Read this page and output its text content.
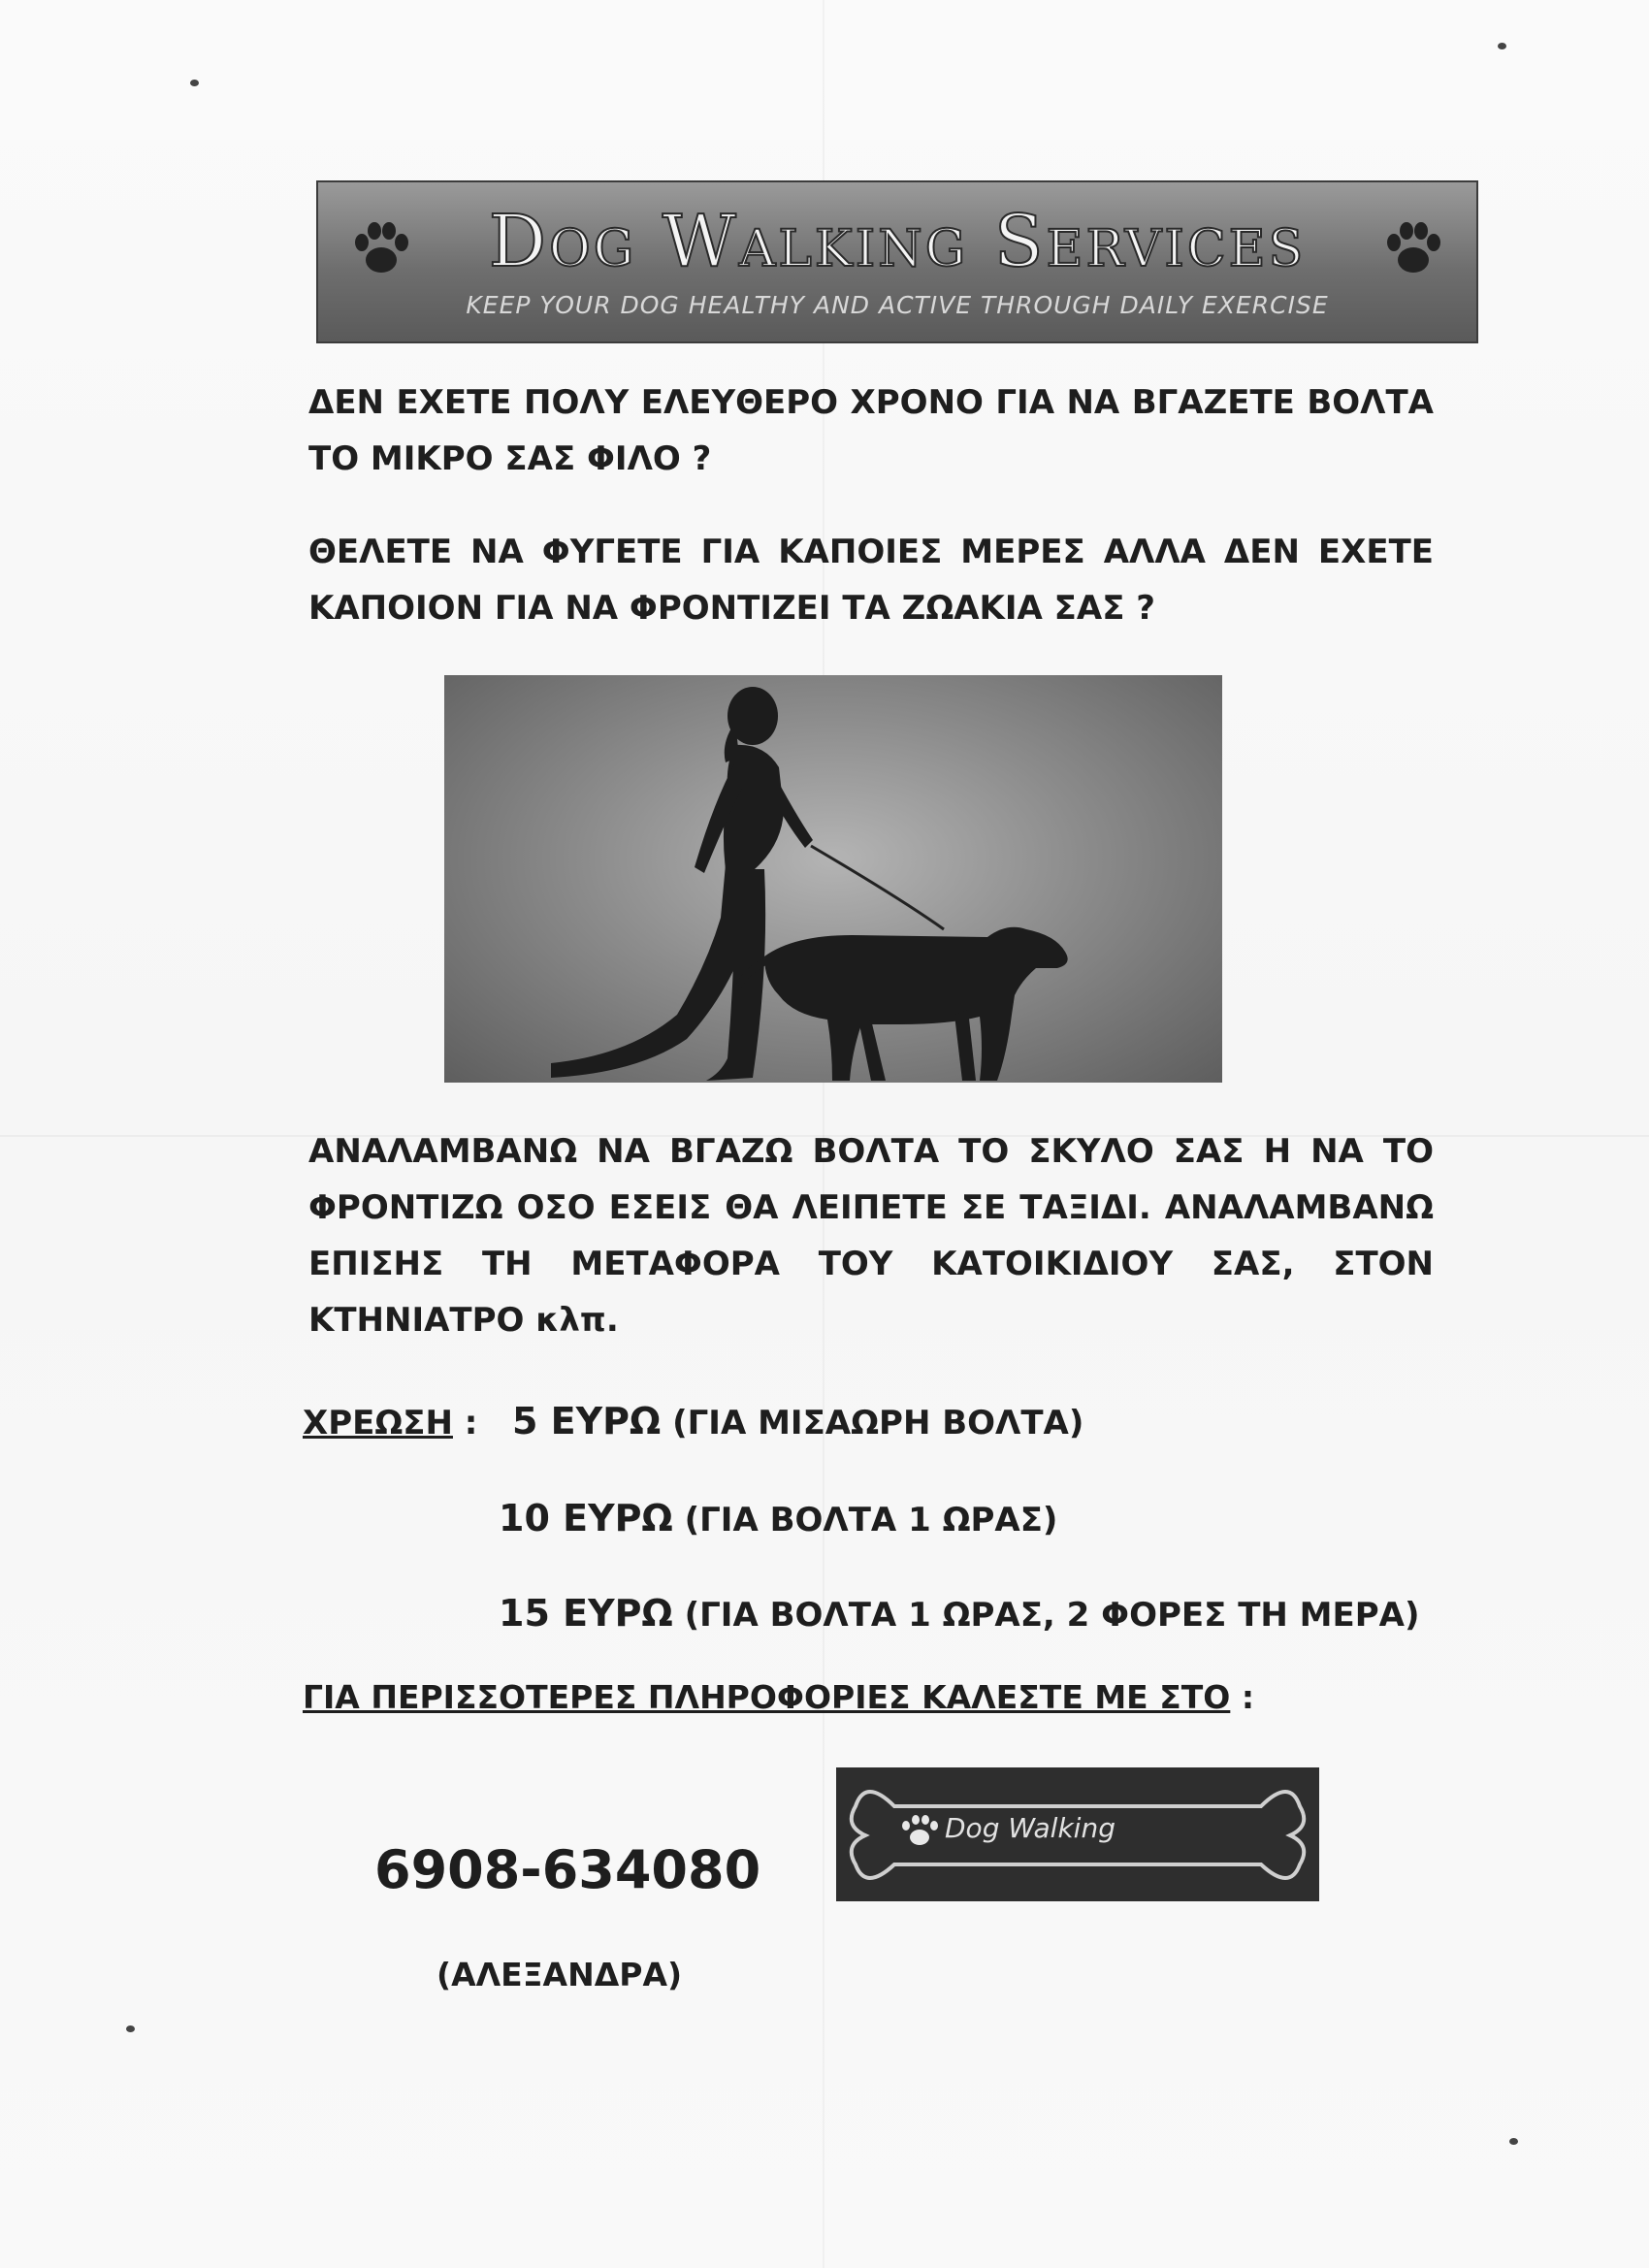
Dog Walking Services
KEEP YOUR DOG HEALTHY AND ACTIVE THROUGH DAILY EXERCISE

ΔΕΝ ΕΧΕΤΕ ΠΟΛΥ ΕΛΕΥΘΕΡΟ ΧΡΟΝΟ ΓΙΑ ΝΑ ΒΓΑΖΕΤΕ ΒΟΛΤΑ ΤΟ ΜΙΚΡΟ ΣΑΣ ΦΙΛΟ ?

ΘΕΛΕΤΕ ΝΑ ΦΥΓΕΤΕ ΓΙΑ ΚΑΠΟΙΕΣ ΜΕΡΕΣ ΑΛΛΑ ΔΕΝ ΕΧΕΤΕ ΚΑΠΟΙΟΝ ΓΙΑ ΝΑ ΦΡΟΝΤΙΖΕΙ ΤΑ ΖΩΑΚΙΑ ΣΑΣ ?

ΑΝΑΛΑΜΒΑΝΩ ΝΑ ΒΓΑΖΩ ΒΟΛΤΑ ΤΟ ΣΚΥΛΟ ΣΑΣ Η ΝΑ ΤΟ ΦΡΟΝΤΙΖΩ ΟΣΟ ΕΣΕΙΣ ΘΑ ΛΕΙΠΕΤΕ ΣΕ ΤΑΞΙΔΙ. ΑΝΑΛΑΜΒΑΝΩ ΕΠΙΣΗΣ ΤΗ ΜΕΤΑΦΟΡΑ ΤΟΥ ΚΑΤΟΙΚΙΔΙΟΥ ΣΑΣ, ΣΤΟΝ ΚΤΗΝΙΑΤΡΟ κλπ.

ΧΡΕΩΣΗ : 5 ΕΥΡΩ (ΓΙΑ ΜΙΣΑΩΡΗ ΒΟΛΤΑ)
10 ΕΥΡΩ (ΓΙΑ ΒΟΛΤΑ 1 ΩΡΑΣ)
15 ΕΥΡΩ (ΓΙΑ ΒΟΛΤΑ 1 ΩΡΑΣ, 2 ΦΟΡΕΣ ΤΗ ΜΕΡΑ)
ΓΙΑ ΠΕΡΙΣΣΟΤΕΡΕΣ ΠΛΗΡΟΦΟΡΙΕΣ ΚΑΛΕΣΤΕ ΜΕ ΣΤΟ :
Dog Walking
6908-634080
(ΑΛΕΞΑΝΔΡΑ)
